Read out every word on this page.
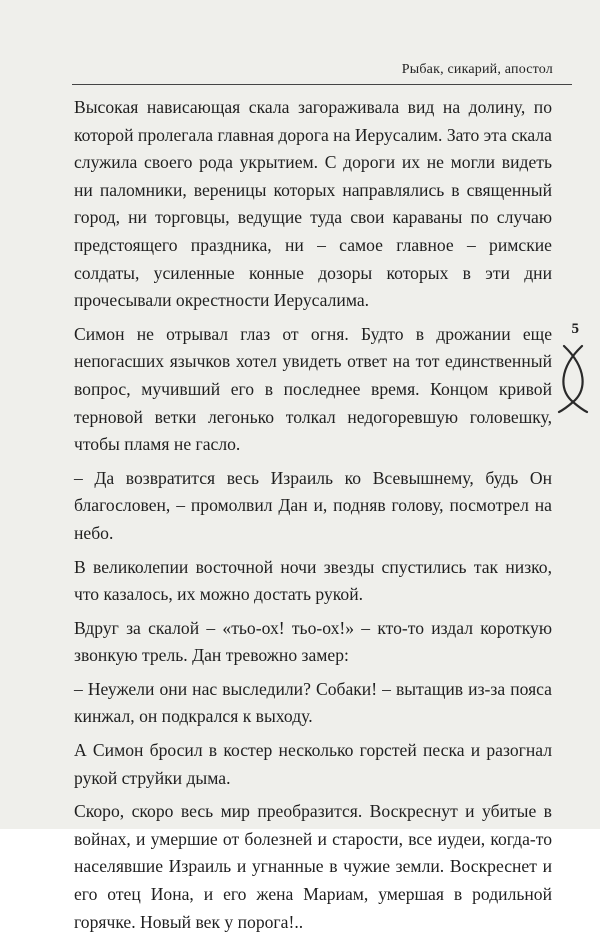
Рыбак, сикарий, апостол
5

Высокая нависающая скала загораживала вид на долину, по которой пролегала главная дорога на Иерусалим. Зато эта скала служила своего рода укрытием. С дороги их не могли видеть ни паломники, вереницы которых направлялись в священный город, ни торговцы, ведущие туда свои караваны по случаю предстоящего праздника, ни – самое главное – римские солдаты, усиленные конные дозоры которых в эти дни прочесывали окрестности Иерусалима.

Симон не отрывал глаз от огня. Будто в дрожании еще непогасших язычков хотел увидеть ответ на тот единственный вопрос, мучивший его в последнее время. Концом кривой терновой ветки легонько толкал недогоревшую головешку, чтобы пламя не гасло.

– Да возвратится весь Израиль ко Всевышнему, будь Он благословен, – промолвил Дан и, подняв голову, посмотрел на небо.

В великолепии восточной ночи звезды спустились так низко, что казалось, их можно достать рукой.

Вдруг за скалой – «тьо-ох! тьо-ох!» – кто-то издал короткую звонкую трель. Дан тревожно замер:

– Неужели они нас выследили? Собаки! – вытащив из-за пояса кинжал, он подкрался к выходу.

А Симон бросил в костер несколько горстей песка и разогнал рукой струйки дыма.

Скоро, скоро весь мир преобразится. Воскреснут и убитые в войнах, и умершие от болезней и старости, все иудеи, когда-то населявшие Израиль и угнанные в чужие земли. Воскреснет и его отец Иона, и его жена Мариам, умершая в родильной горячке. Новый век у порога!..
